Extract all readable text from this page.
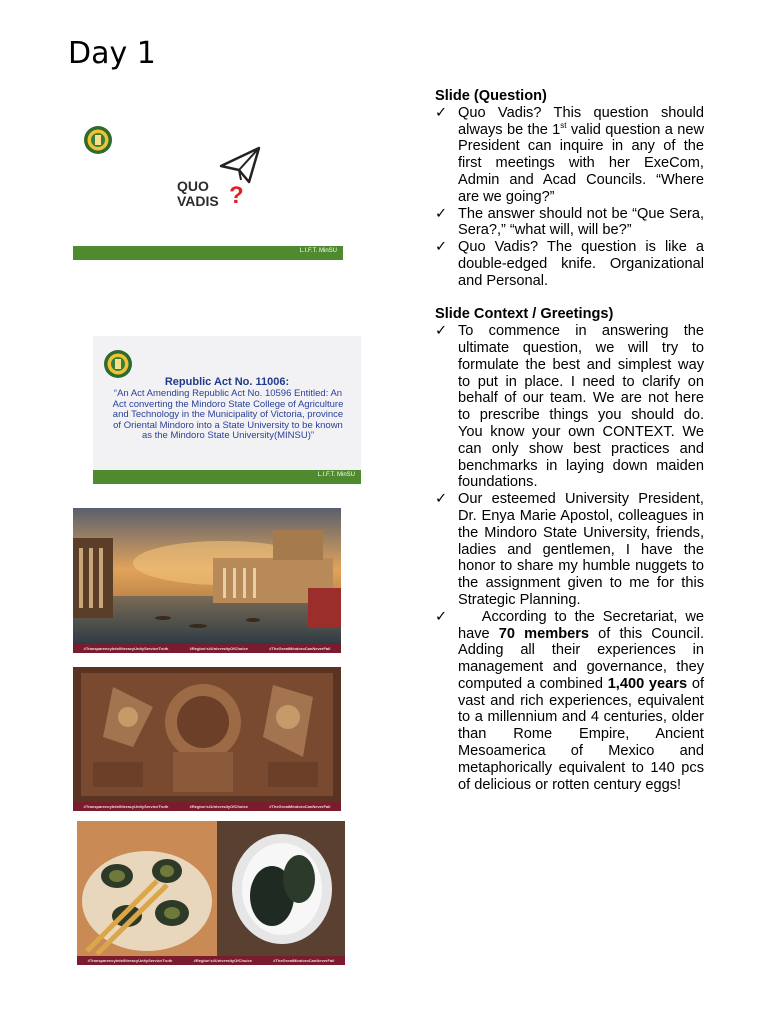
Day 1
QUO
VADIS ?
L.I.F.T. MinSU
Republic Act No. 11006:
“An Act Amending Republic Act No. 10596 Entitled: An Act converting the Mindoro State College of Agriculture and Technology in the Municipality of Victoria, province of Oriental Mindoro into a State University to be known as the Mindoro State University(MINSU)”
L.I.F.T. MinSU
#TransparencyIntelliteracyUnityServiceTruth	#Region's#UniversityOfChoice	#TheGreatMindoroCanNeverFail
#TransparencyIntelliteracyUnityServiceTruth	#Region's#UniversityOfChoice	#TheGreatMindoroCanNeverFail
#TransparencyIntelliteracyUnityServiceTruth	#Region's#UniversityOfChoice	#TheGreatMindoroCanNeverFail
Slide (Question)
✓ Quo Vadis? This question should always be the 1st valid question a new President can inquire in any of the first meetings with her ExeCom, Admin and Acad Councils. “Where are we going?”
✓ The answer should not be “Que Sera, Sera?,” “what will, will be?”
✓ Quo Vadis? The question is like a double-edged knife. Organizational and Personal.
Slide Context / Greetings)
✓ To commence in answering the ultimate question, we will try to formulate the best and simplest way to put in place. I need to clarify on behalf of our team. We are not here to prescribe things you should do. You know your own CONTEXT. We can only show best practices and benchmarks in laying down maiden foundations.
✓ Our esteemed University President, Dr. Enya Marie Apostol, colleagues in the Mindoro State University, friends, ladies and gentlemen, I have the honor to share my humble nuggets to the assignment given to me for this Strategic Planning.
✓ According to the Secretariat, we have 70 members of this Council. Adding all their experiences in management and governance, they computed a combined 1,400 years of vast and rich experiences, equivalent to a millennium and 4 centuries, older than Rome Empire, Ancient Mesoamerica of Mexico and metaphorically equivalent to 140 pcs of delicious or rotten century eggs!
